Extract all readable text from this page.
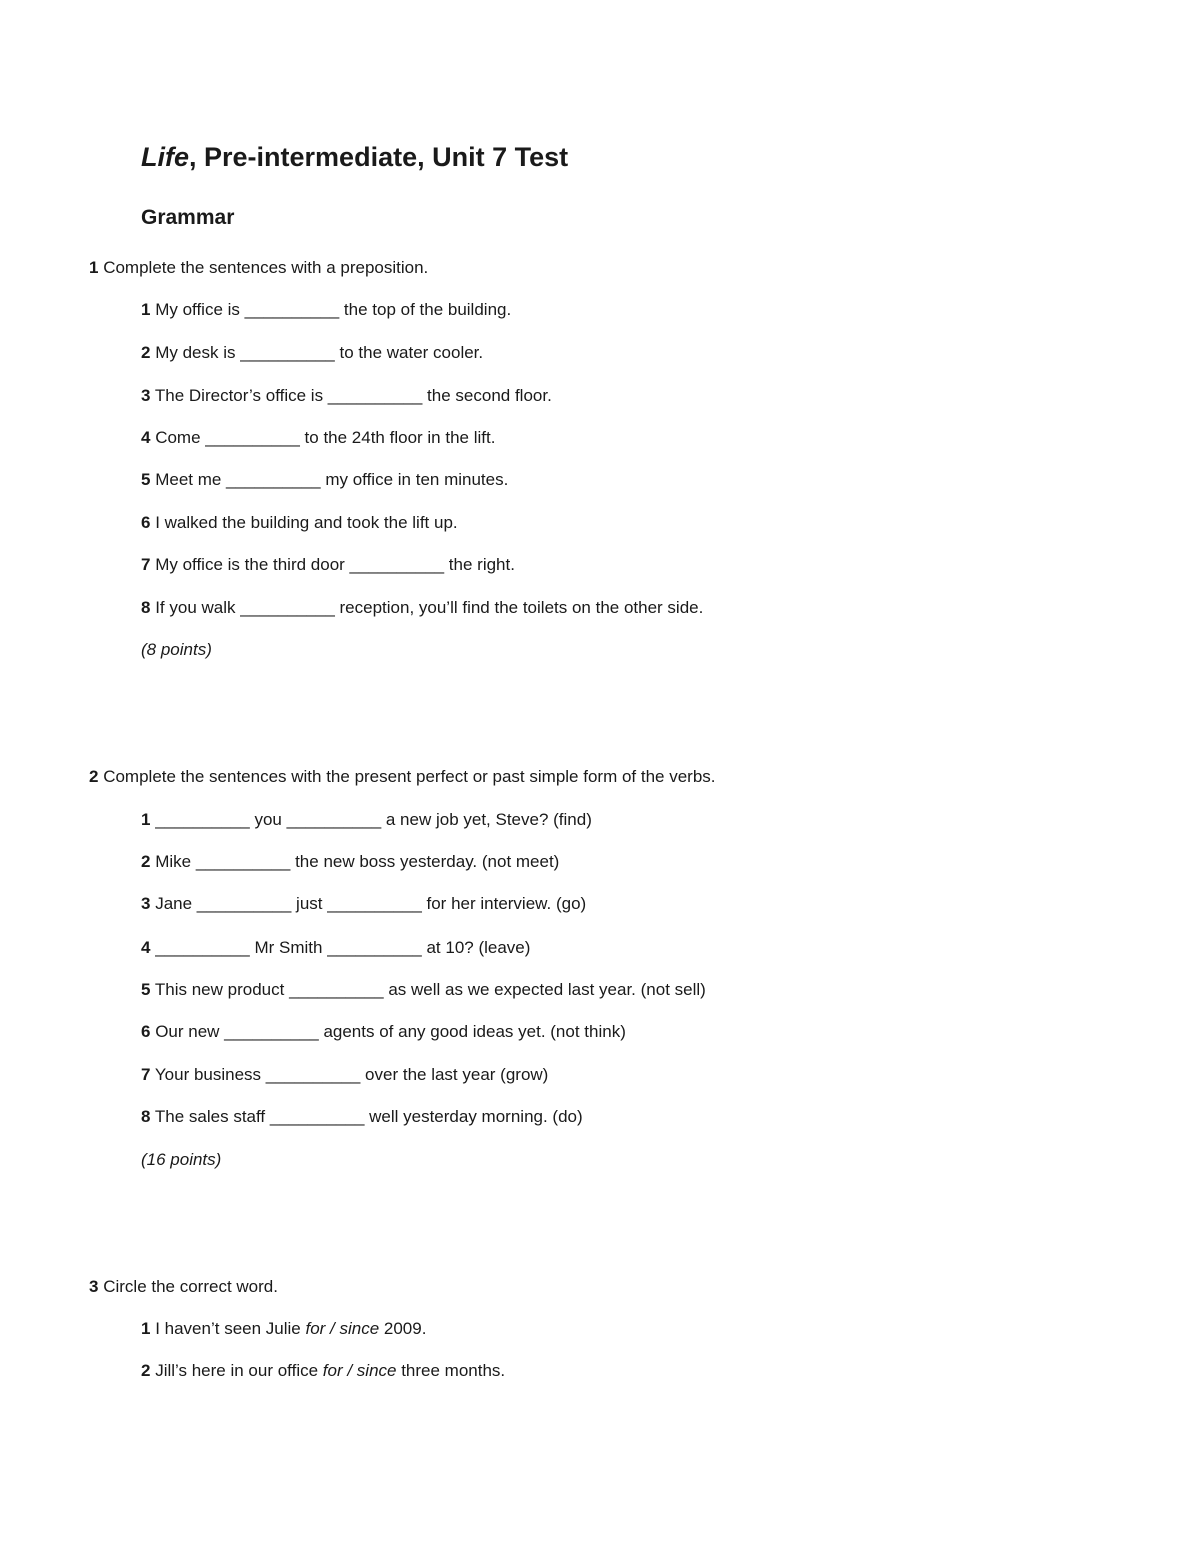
Life, Pre-intermediate, Unit 7 Test
Grammar
1 Complete the sentences with a preposition.
1 My office is __________ the top of the building.
2 My desk is __________ to the water cooler.
3 The Director’s office is __________ the second floor.
4 Come __________ to the 24th floor in the lift.
5 Meet me __________ my office in ten minutes.
6 I walked the building and took the lift up.
7 My office is the third door __________ the right.
8 If you walk __________ reception, you’ll find the toilets on the other side.
(8 points)
2 Complete the sentences with the present perfect or past simple form of the verbs.
1 __________ you __________ a new job yet, Steve? (find)
2 Mike __________ the new boss yesterday. (not meet)
3 Jane __________ just __________ for her interview. (go)
4 __________ Mr Smith __________ at 10? (leave)
5 This new product __________ as well as we expected last year. (not sell)
6 Our new __________ agents of any good ideas yet. (not think)
7 Your business __________ over the last year (grow)
8 The sales staff __________ well yesterday morning. (do)
(16 points)
3 Circle the correct word.
1 I haven’t seen Julie for / since 2009.
2 Jill’s here in our office for / since three months.
